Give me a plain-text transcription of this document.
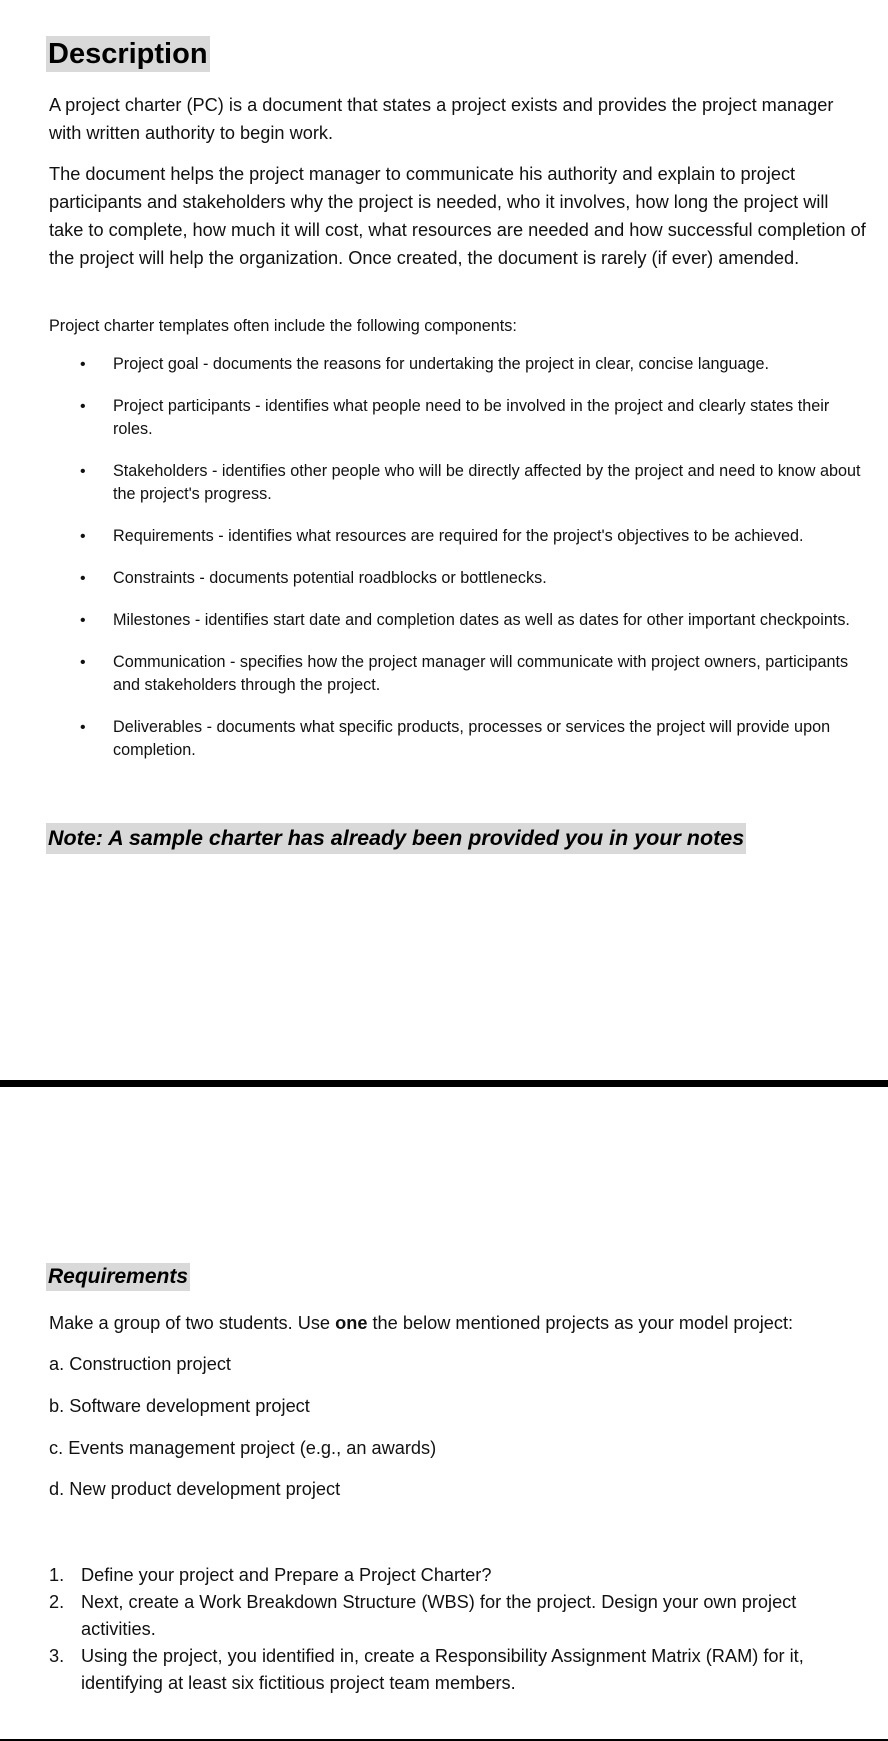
Description

A project charter (PC) is a document that states a project exists and provides the project manager with written authority to begin work.

The document helps the project manager to communicate his authority and explain to project participants and stakeholders why the project is needed, who it involves, how long the project will take to complete, how much it will cost, what resources are needed and how successful completion of the project will help the organization. Once created, the document is rarely (if ever) amended.

Project charter templates often include the following components:

• Project goal - documents the reasons for undertaking the project in clear, concise language.
• Project participants - identifies what people need to be involved in the project and clearly states their roles.
• Stakeholders - identifies other people who will be directly affected by the project and need to know about the project's progress.
• Requirements - identifies what resources are required for the project's objectives to be achieved.
• Constraints - documents potential roadblocks or bottlenecks.
• Milestones - identifies start date and completion dates as well as dates for other important checkpoints.
• Communication - specifies how the project manager will communicate with project owners, participants and stakeholders through the project.
• Deliverables - documents what specific products, processes or services the project will provide upon completion.
Note: A sample charter has already been provided you in your notes
Requirements

Make a group of two students. Use one the below mentioned projects as your model project:

a. Construction project

b. Software development project

c. Events management project (e.g., an awards)

d. New product development project

1. Define your project and Prepare a Project Charter?
2. Next, create a Work Breakdown Structure (WBS) for the project. Design your own project activities.
3. Using the project, you identified in, create a Responsibility Assignment Matrix (RAM) for it, identifying at least six fictitious project team members.
